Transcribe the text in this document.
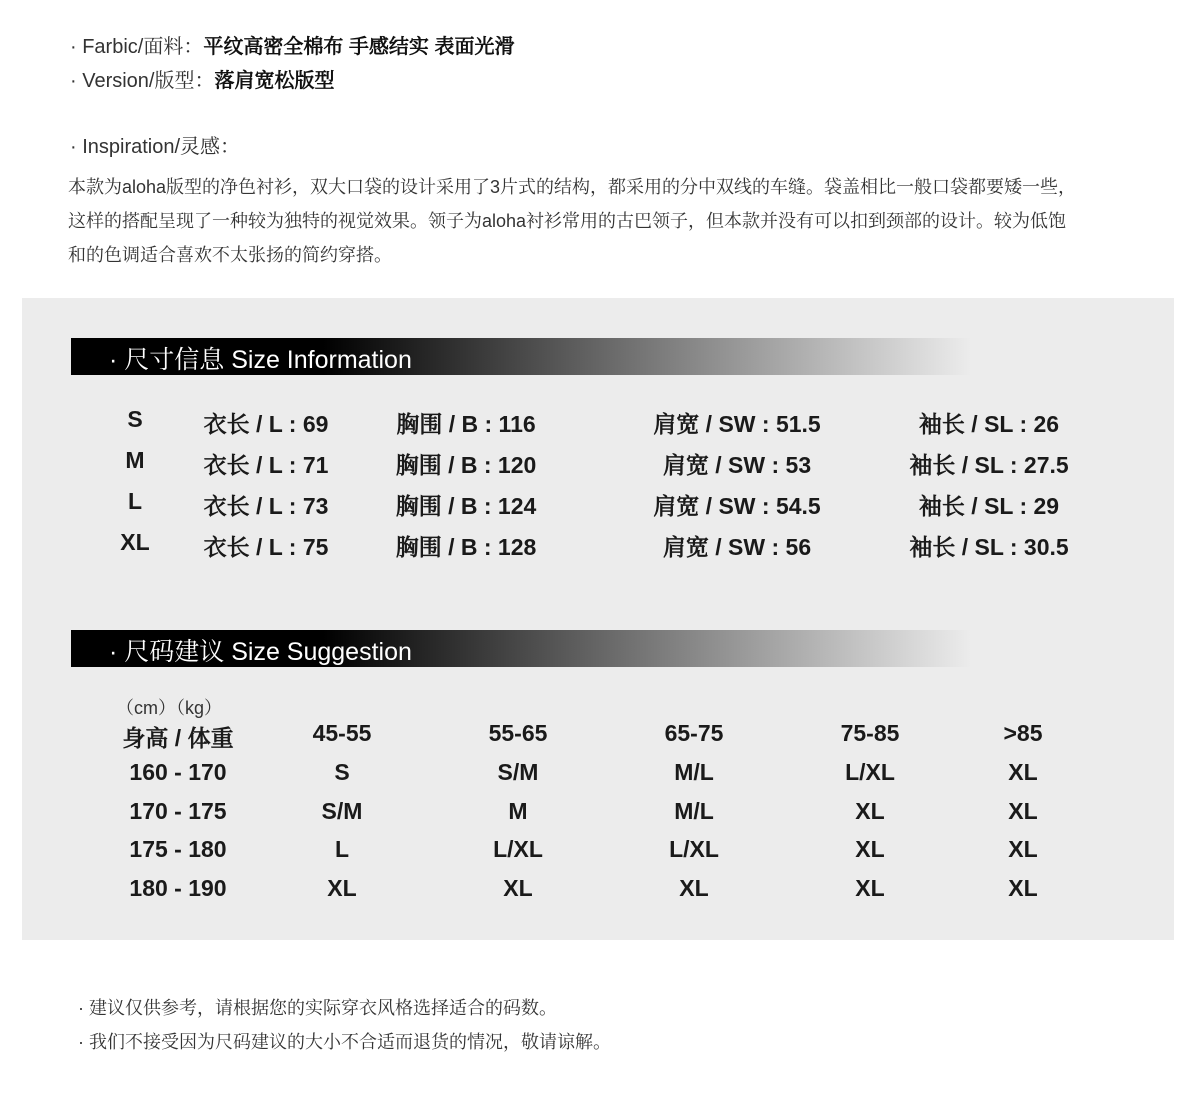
· Farbic/面料：平纹高密全棉布 手感结实 表面光滑
· Version/版型：落肩宽松版型
· Inspiration/灵感：

本款为aloha版型的净色衬衫，双大口袋的设计采用了3片式的结构，都采用的分中双线的车缝。袋盖相比一般口袋都要矮一些，

这样的搭配呈现了一种较为独特的视觉效果。领子为aloha衬衫常用的古巴领子，但本款并没有可以扣到颈部的设计。较为低饱

和的色调适合喜欢不太张扬的简约穿搭。

· 尺寸信息 Size Information
S	衣长 / L : 69	胸围 / B : 116	肩宽 / SW : 51.5	袖长 / SL : 26
M	衣长 / L : 71	胸围 / B : 120	肩宽 / SW : 53	袖长 / SL : 27.5
L	衣长 / L : 73	胸围 / B : 124	肩宽 / SW : 54.5	袖长 / SL : 29
XL 衣长 / L : 75	胸围 / B : 128	肩宽 / SW : 56	袖长 / SL : 30.5
· 尺码建议 Size Suggestion
（cm）（kg）
身高 / 体重	45-55	55-65	65-75	75-85	>85
160 - 170	S	S/M	M/L	L/XL	XL
170 - 175	S/M	M	M/L	XL	XL
175 - 180	L	L/XL	L/XL	XL	XL
180 - 190	XL	XL	XL	XL	XL
· 建议仅供参考，请根据您的实际穿衣风格选择适合的码数。
· 我们不接受因为尺码建议的大小不合适而退货的情况，敬请谅解。
